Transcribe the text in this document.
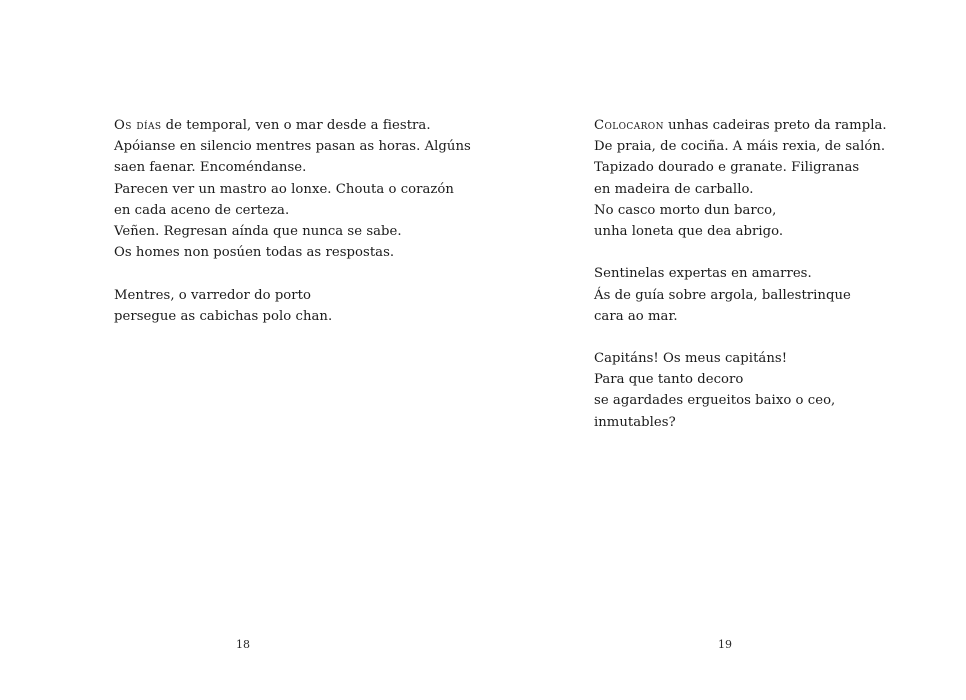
Os días de temporal, ven o mar desde a fiestra.
Apóianse en silencio mentres pasan as horas. Algúns
saen faenar. Encoméndanse.
Parecen ver un mastro ao lonxe. Chouta o corazón
en cada aceno de certeza.
Veñen. Regresan aínda que nunca se sabe.
Os homes non posúen todas as respostas.
Mentres, o varredor do porto
persegue as cabichas polo chan.
18
Colocaron unhas cadeiras preto da rampla.
De praia, de cociña. A máis rexia, de salón.
Tapizado dourado e granate. Filigranas
en madeira de carballo.
No casco morto dun barco,
unha loneta que dea abrigo.
Sentinelas expertas en amarres.
Ás de guía sobre argola, ballestrinque
cara ao mar.
Capitáns! Os meus capitáns!
Para que tanto decoro
se agardades ergueitos baixo o ceo,
inmutables?
19
